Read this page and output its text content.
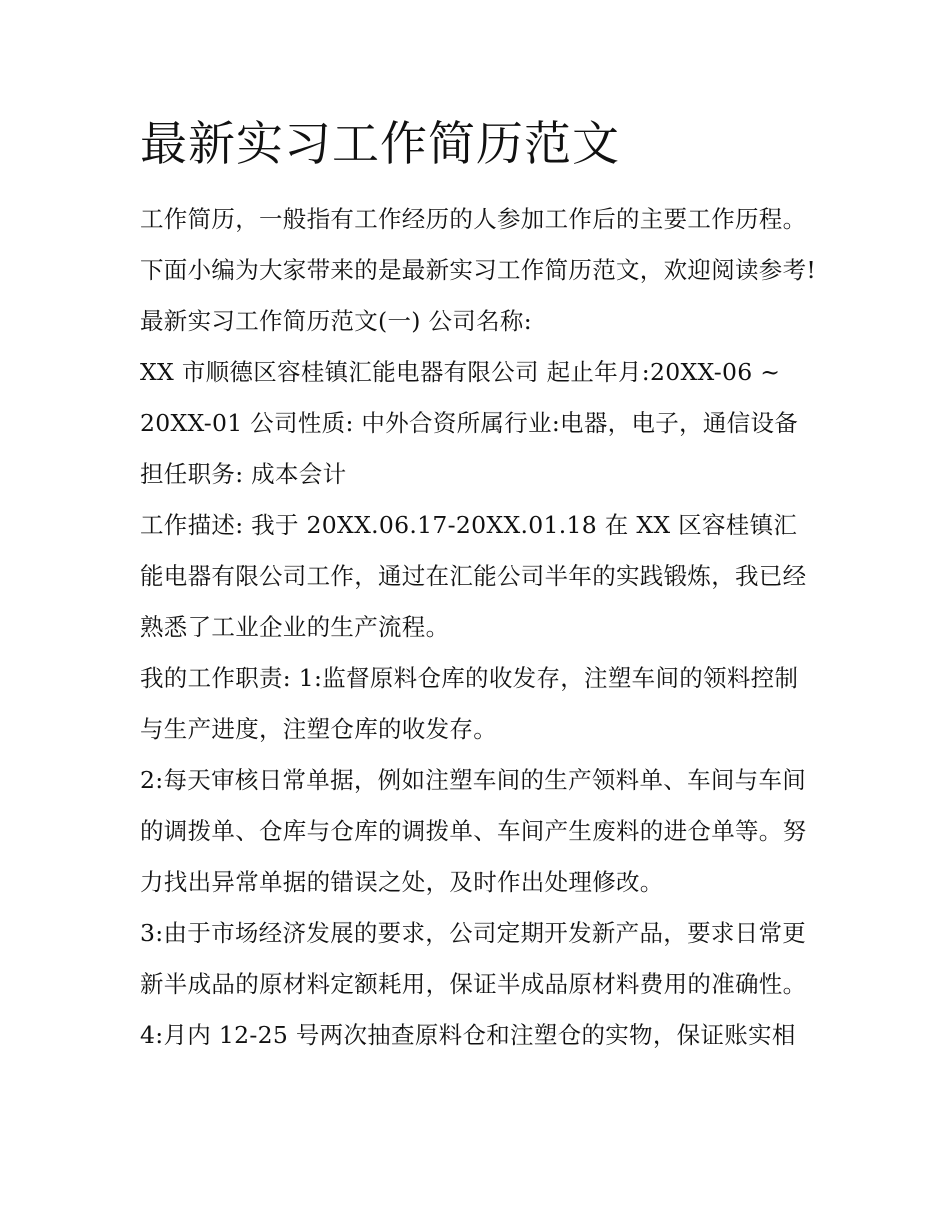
最新实习工作简历范文

工作简历，一般指有工作经历的人参加工作后的主要工作历程。下面小编为大家带来的是最新实习工作简历范文，欢迎阅读参考! 最新实习工作简历范文(一) 公司名称:

XX 市顺德区容桂镇汇能电器有限公司 起止年月:20XX-06 ~ 20XX-01 公司性质: 中外合资所属行业:电器，电子，通信设备 担任职务: 成本会计

工作描述: 我于 20XX.06.17-20XX.01.18 在 XX 区容桂镇汇能电器有限公司工作，通过在汇能公司半年的实践锻炼，我已经熟悉了工业企业的生产流程。

我的工作职责: 1:监督原料仓库的收发存，注塑车间的领料控制与生产进度，注塑仓库的收发存。

2:每天审核日常单据，例如注塑车间的生产领料单、车间与车间的调拨单、仓库与仓库的调拨单、车间产生废料的进仓单等。努力找出异常单据的错误之处，及时作出处理修改。

3:由于市场经济发展的要求，公司定期开发新产品，要求日常更新半成品的原材料定额耗用，保证半成品原材料费用的准确性。

4:月内 12-25 号两次抽查原料仓和注塑仓的实物，保证账实相
